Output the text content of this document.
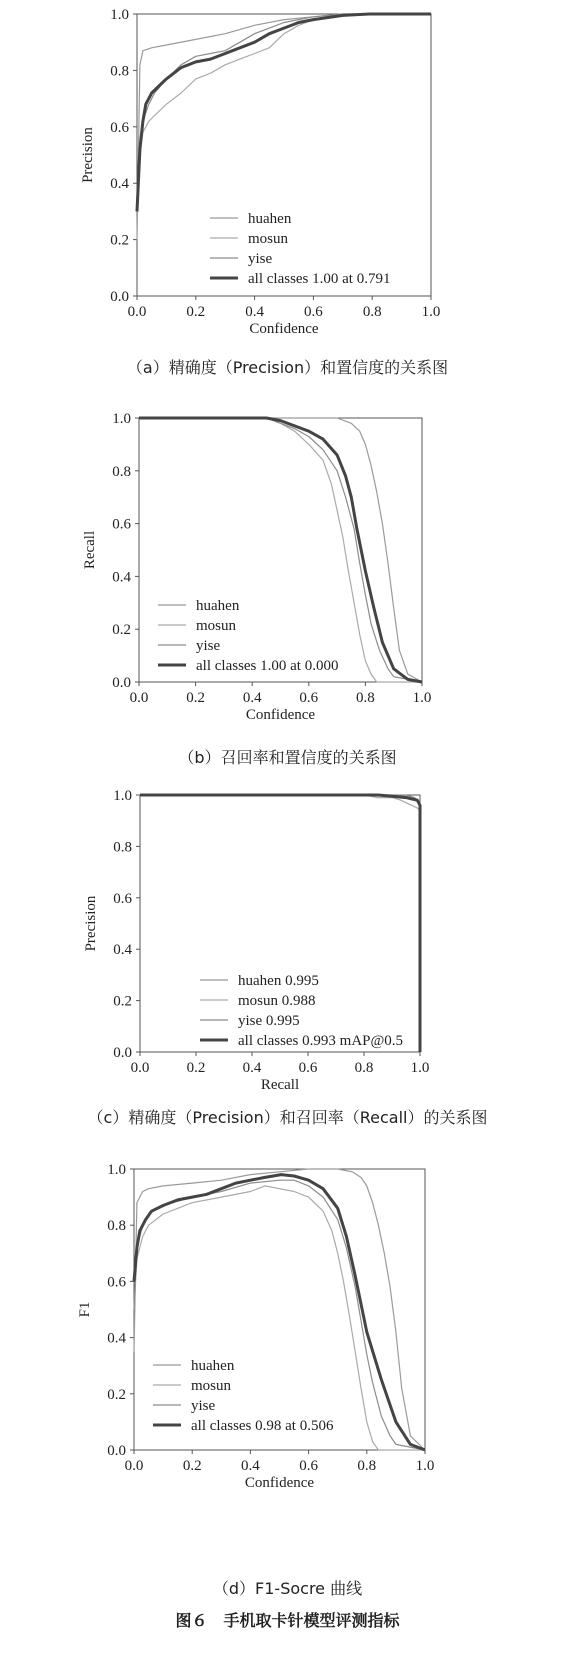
0.0	0.2	0.4	0.6	0.8	1.0
0.0
0.2
0.4
0.6
0.8
1.0
Confidence
Precision
huahen
mosun
yise
all classes 1.00 at 0.791
（a）精确度（Precision）和置信度的关系图
0.0	0.2	0.4	0.6	0.8	1.0
0.0
0.2
0.4
0.6
0.8
1.0
Confidence
Recall
huahen
mosun
yise
all classes 1.00 at 0.000
（b）召回率和置信度的关系图
0.0 0.2 0.4 0.6 0.8 1.0
0.0
0.2
0.4
0.6
0.8
1.0
Recall
Precision
huahen 0.995
mosun 0.988
yise 0.995
all classes 0.993 mAP@0.5
（c）精确度（Precision）和召回率（Recall）的关系图
0.0	0.2	0.4	0.6	0.8	1.0
0.0
0.2
0.4
0.6
0.8
1.0
Confidence
F1
huahen
mosun
yise
all classes 0.98 at 0.506
（d）F1-Socre 曲线
图６　手机取卡针模型评测指标
